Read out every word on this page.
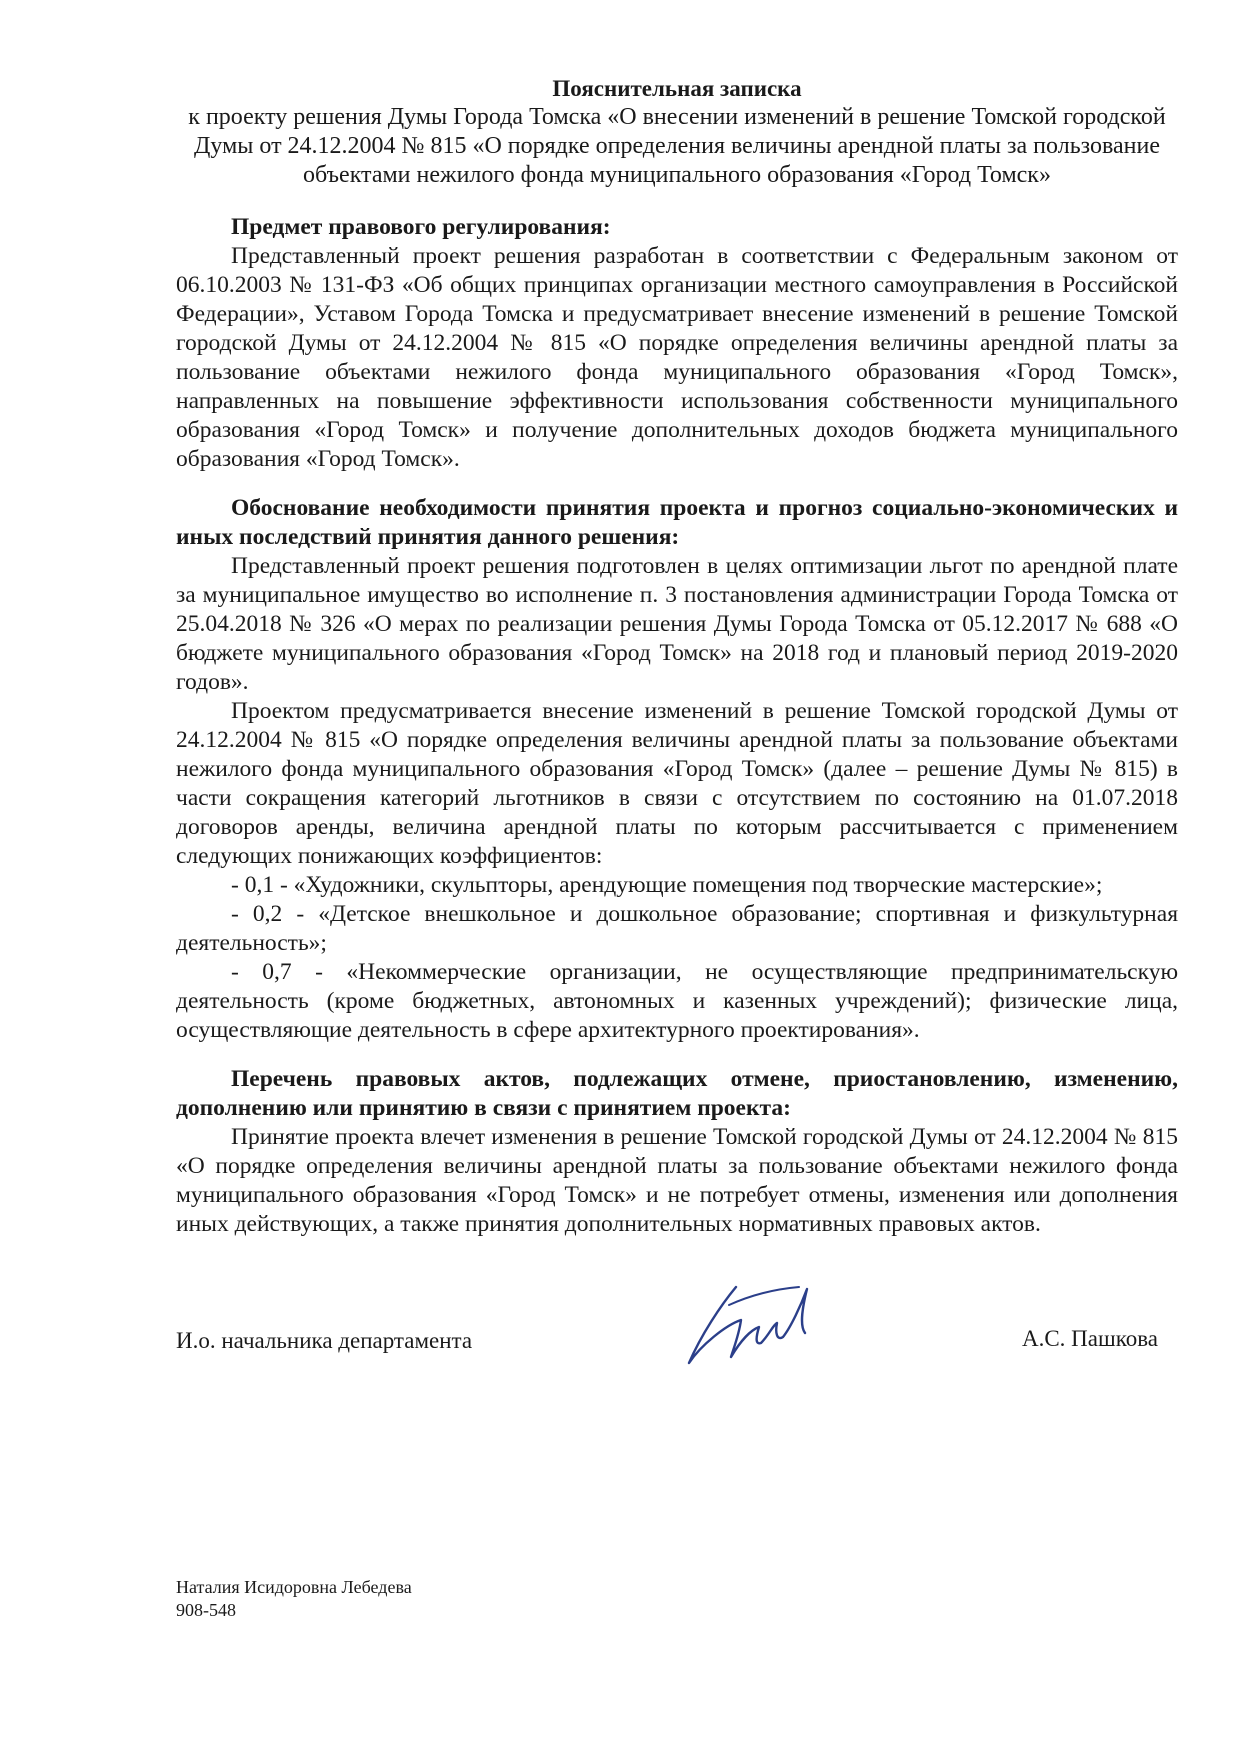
Пояснительная записка

к проекту решения Думы Города Томска «О внесении изменений в решение Томской городской Думы от 24.12.2004 № 815 «О порядке определения величины арендной платы за пользование объектами нежилого фонда муниципального образования «Город Томск»

Предмет правового регулирования:

Представленный проект решения разработан в соответствии с Федеральным законом от 06.10.2003 № 131-ФЗ «Об общих принципах организации местного самоуправления в Российской Федерации», Уставом Города Томска и предусматривает внесение изменений в решение Томской городской Думы от 24.12.2004 № 815 «О порядке определения величины арендной платы за пользование объектами нежилого фонда муниципального образования «Город Томск», направленных на повышение эффективности использования собственности муниципального образования «Город Томск» и получение дополнительных доходов бюджета муниципального образования «Город Томск».

Обоснование необходимости принятия проекта и прогноз социально-экономических и иных последствий принятия данного решения:

Представленный проект решения подготовлен в целях оптимизации льгот по арендной плате за муниципальное имущество во исполнение п. 3 постановления администрации Города Томска от 25.04.2018 № 326 «О мерах по реализации решения Думы Города Томска от 05.12.2017 № 688 «О бюджете муниципального образования «Город Томск» на 2018 год и плановый период 2019-2020 годов».

Проектом предусматривается внесение изменений в решение Томской городской Думы от 24.12.2004 № 815 «О порядке определения величины арендной платы за пользование объектами нежилого фонда муниципального образования «Город Томск» (далее – решение Думы № 815) в части сокращения категорий льготников в связи с отсутствием по состоянию на 01.07.2018 договоров аренды, величина арендной платы по которым рассчитывается с применением следующих понижающих коэффициентов:

- 0,1 - «Художники, скульпторы, арендующие помещения под творческие мастерские»;

- 0,2 - «Детское внешкольное и дошкольное образование; спортивная и физкультурная деятельность»;

- 0,7 - «Некоммерческие организации, не осуществляющие предпринимательскую деятельность (кроме бюджетных, автономных и казенных учреждений); физические лица, осуществляющие деятельность в сфере архитектурного проектирования».

Перечень правовых актов, подлежащих отмене, приостановлению, изменению, дополнению или принятию в связи с принятием проекта:

Принятие проекта влечет изменения в решение Томской городской Думы от 24.12.2004 № 815 «О порядке определения величины арендной платы за пользование объектами нежилого фонда муниципального образования «Город Томск» и не потребует отмены, изменения или дополнения иных действующих, а также принятия дополнительных нормативных правовых актов.

И.о. начальника департамента	А.С. Пашкова
Наталия Исидоровна Лебедева
908-548
